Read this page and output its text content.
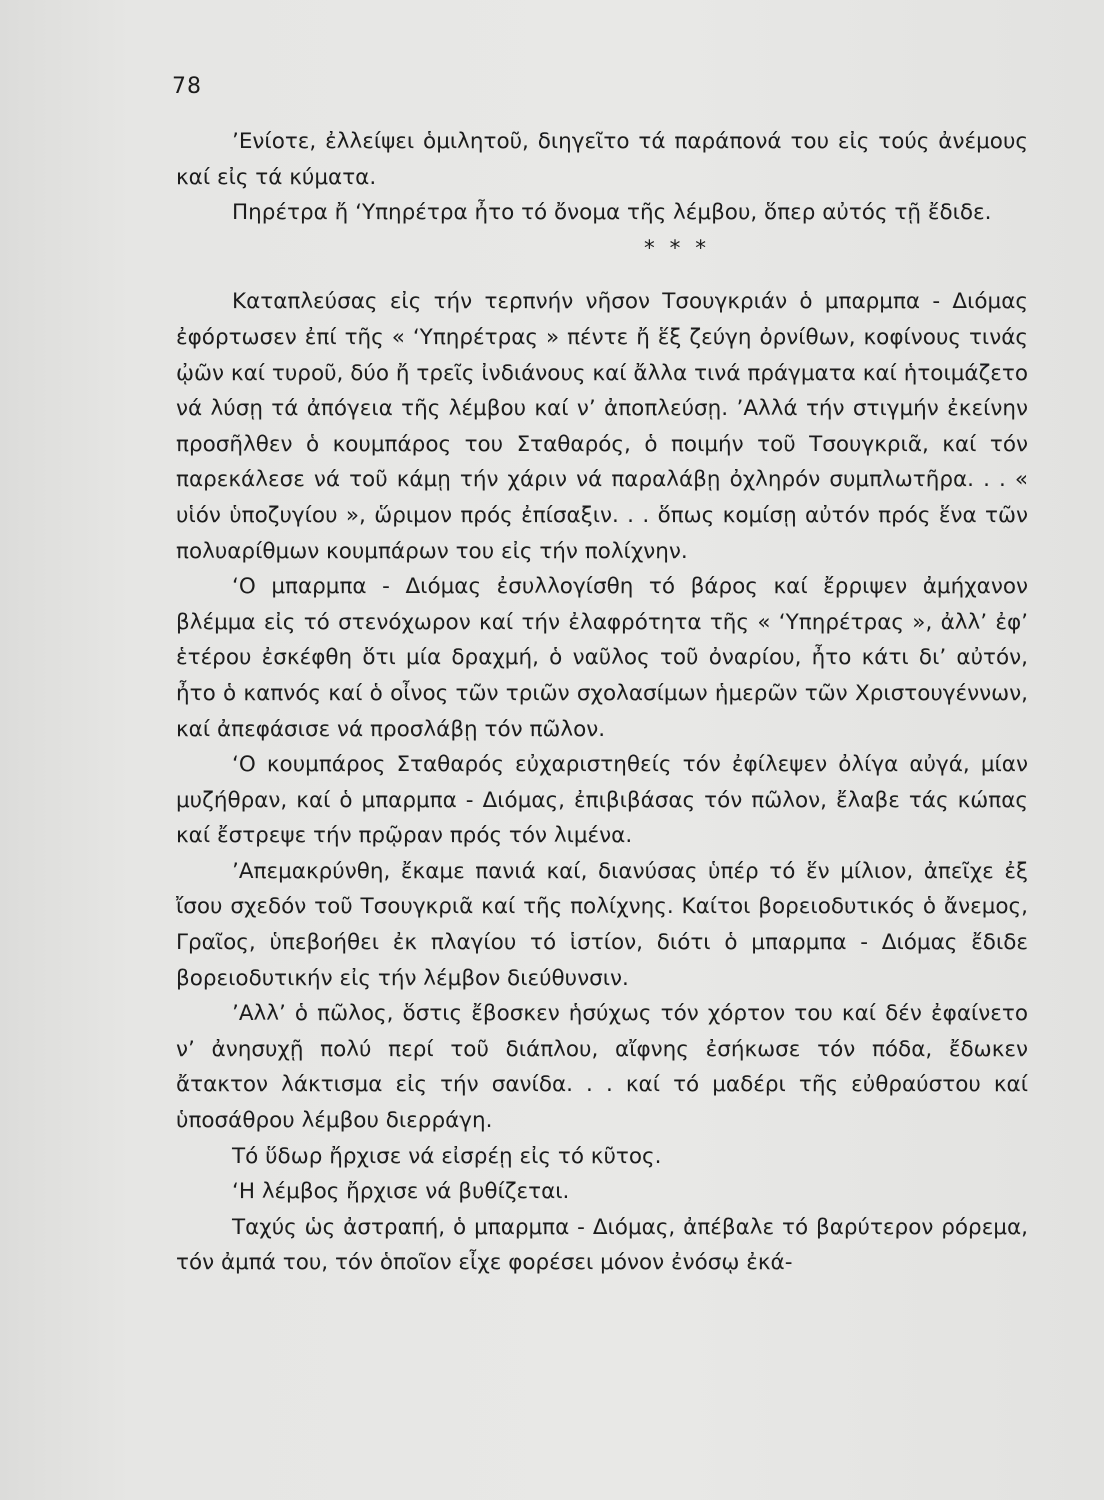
78

’Ενίοτε, ἐλλείψει ὁμιλητοῦ, διηγεῖτο τά παράπονά του εἰς τούς ἀνέμους καί εἰς τά κύματα.

Πηρέτρα ἤ ‘Υπηρέτρα ἦτο τό ὄνομα τῆς λέμβου, ὅπερ αὐτός τῇ ἔδιδε.

* * *

Καταπλεύσας εἰς τήν τερπνήν νῆσον Τσουγκριάν ὁ μπαρμπα - Διόμας ἐφόρτωσεν ἐπί τῆς « ‘Υπηρέτρας » πέντε ἤ ἕξ ζεύγη ὀρνίθων, κοφίνους τινάς ᾠῶν καί τυροῦ, δύο ἤ τρεῖς ἰνδιάνους καί ἄλλα τινά πράγματα καί ἡτοιμάζετο νά λύσῃ τά ἀπόγεια τῆς λέμβου καί ν’ ἀποπλεύσῃ. ’Αλλά τήν στιγμήν ἐκείνην προσῆλθεν ὁ κουμπάρος του Σταθαρός, ὁ ποιμήν τοῦ Τσουγκριᾶ, καί τόν παρεκάλεσε νά τοῦ κάμῃ τήν χάριν νά παραλάβῃ ὀχληρόν συμπλωτῆρα. . . « υἱόν ὑποζυγίου », ὥριμον πρός ἐπίσαξιν. . . ὅπως κομίσῃ αὐτόν πρός ἕνα τῶν πολυαρίθμων κουμπάρων του εἰς τήν πολίχνην.

‘Ο μπαρμπα - Διόμας ἐσυλλογίσθη τό βάρος καί ἔρριψεν ἀμήχανον βλέμμα εἰς τό στενόχωρον καί τήν ἐλαφρότητα τῆς « ‘Υπηρέτρας », ἀλλ’ ἐφ’ ἑτέρου ἐσκέφθη ὅτι μία δραχμή, ὁ ναῦλος τοῦ ὀναρίου, ἦτο κάτι δι’ αὐτόν, ἦτο ὁ καπνός καί ὁ οἶνος τῶν τριῶν σχολασίμων ἡμερῶν τῶν Χριστουγέννων, καί ἀπεφάσισε νά προσλάβῃ τόν πῶλον.

‘Ο κουμπάρος Σταθαρός εὐχαριστηθείς τόν ἐφίλεψεν ὀλίγα αὐγά, μίαν μυζήθραν, καί ὁ μπαρμπα - Διόμας, ἐπιβιβάσας τόν πῶλον, ἔλαβε τάς κώπας καί ἔστρεψε τήν πρῷραν πρός τόν λιμένα.

’Απεμακρύνθη, ἔκαμε πανιά καί, διανύσας ὑπέρ τό ἕν μίλιον, ἀπεῖχε ἐξ ἴσου σχεδόν τοῦ Τσουγκριᾶ καί τῆς πολίχνης. Καίτοι βορειοδυτικός ὁ ἄνεμος, Γραῖος, ὑπεβοήθει ἐκ πλαγίου τό ἱστίον, διότι ὁ μπαρμπα - Διόμας ἔδιδε βορειοδυτικήν εἰς τήν λέμβον διεύθυνσιν.

’Αλλ’ ὁ πῶλος, ὅστις ἔβοσκεν ἡσύχως τόν χόρτον του καί δέν ἐφαίνετο ν’ ἀνησυχῇ πολύ περί τοῦ διάπλου, αἴφνης ἐσήκωσε τόν πόδα, ἔδωκεν ἄτακτον λάκτισμα εἰς τήν σανίδα. . . καί τό μαδέρι τῆς εὐθραύστου καί ὑποσάθρου λέμβου διερράγη.

Τό ὕδωρ ἤρχισε νά εἰσρέῃ εἰς τό κῦτος.

‘Η λέμβος ἤρχισε νά βυθίζεται.

Ταχύς ὡς ἀστραπή, ὁ μπαρμπα - Διόμας, ἀπέβαλε τό βαρύτερον ρόρεμα, τόν ἀμπά του, τόν ὁποῖον εἶχε φορέσει μόνον ἐνόσῳ ἐκά-
